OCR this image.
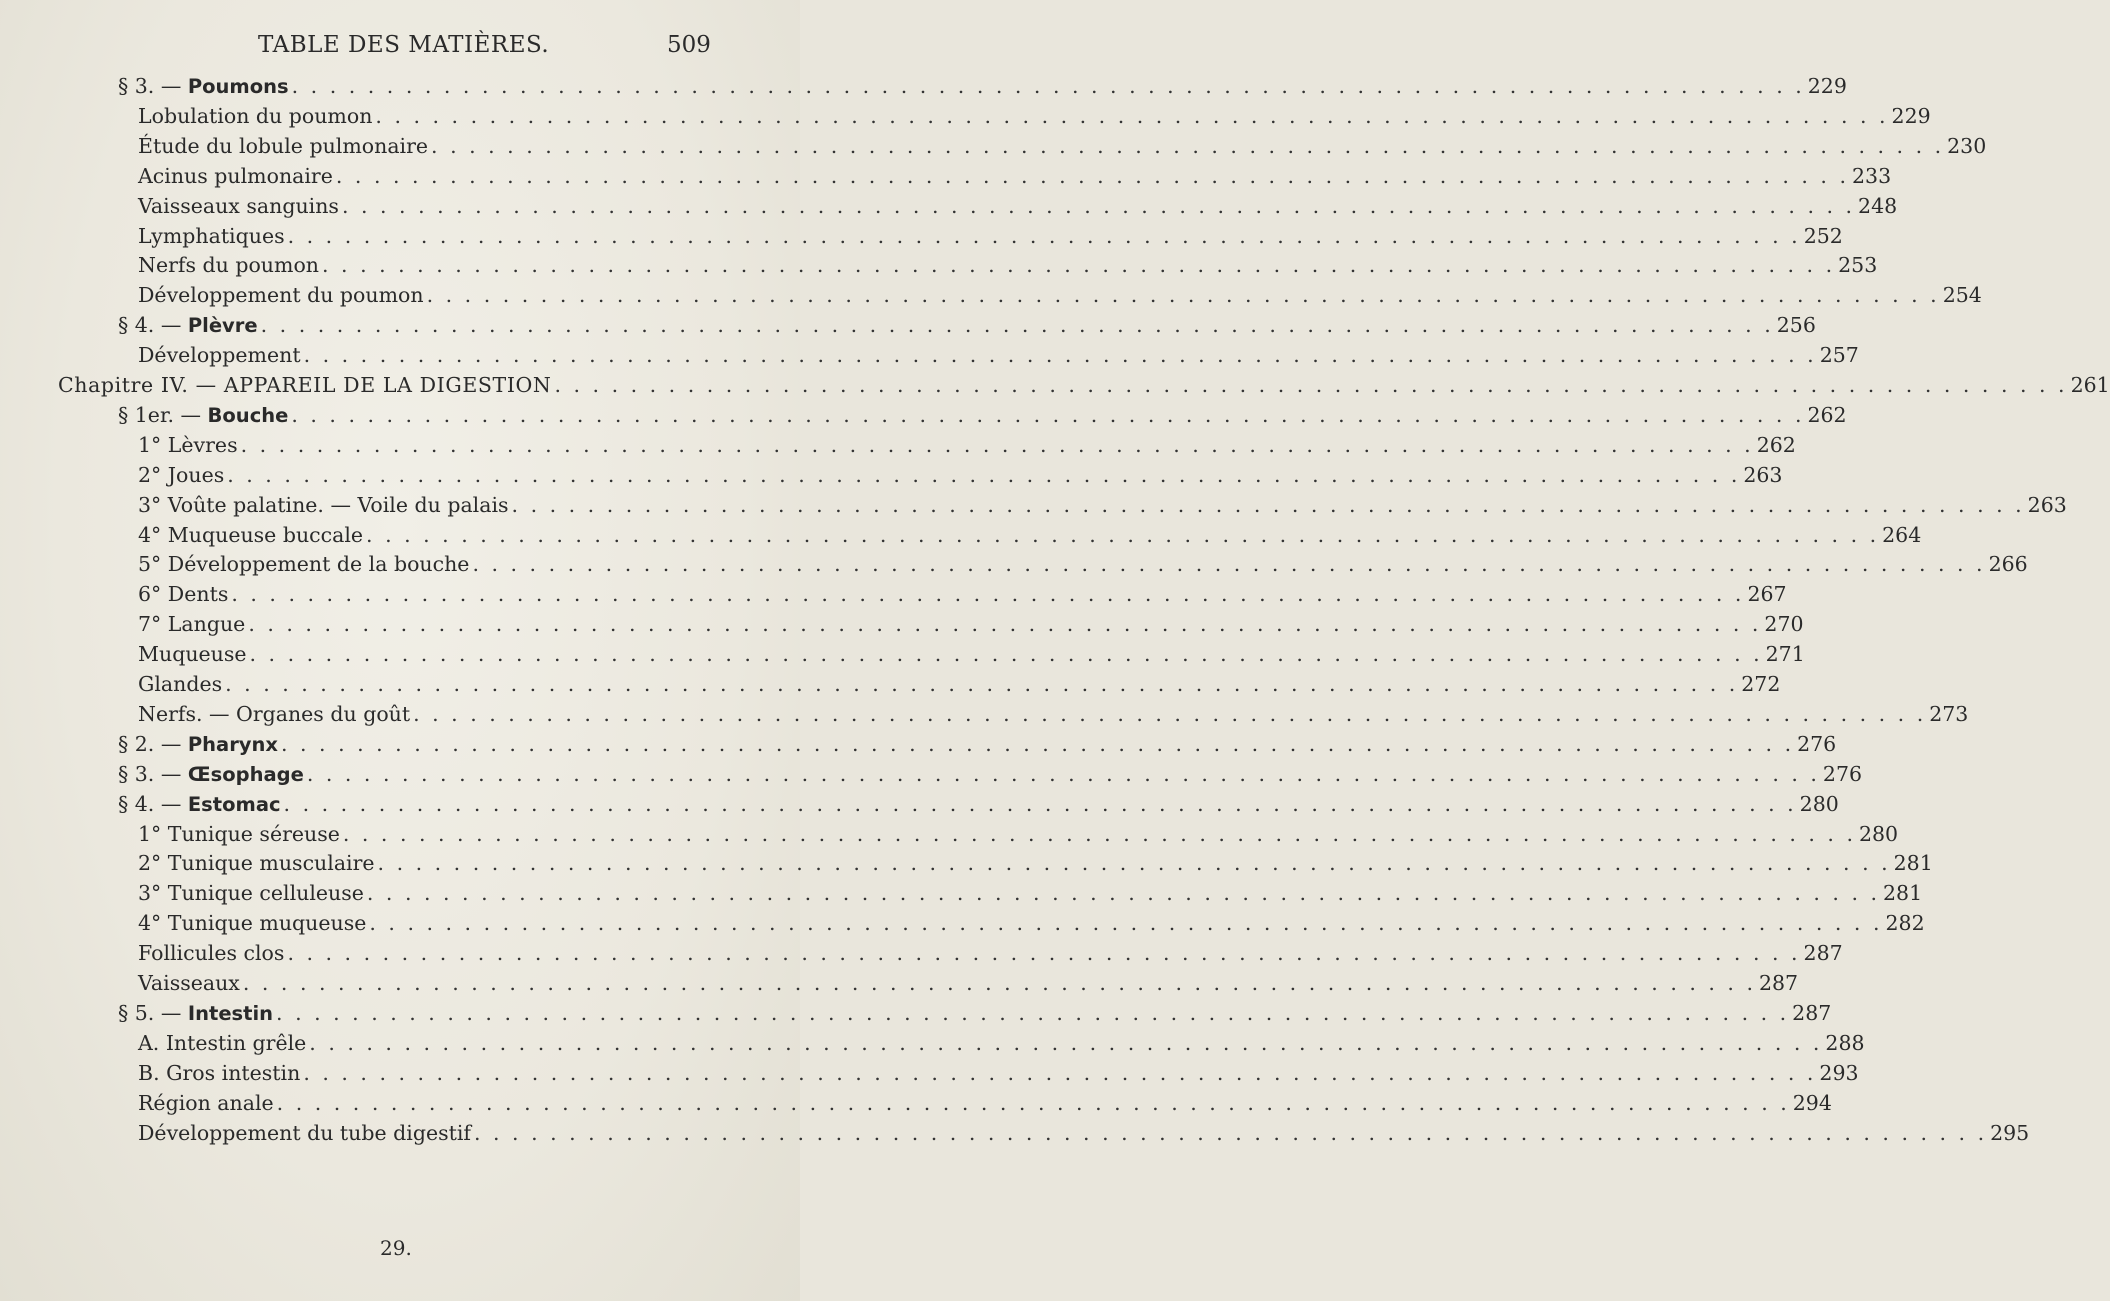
TABLE DES MATIÈRES.	509
§ 3. — Poumons . . . . . . . . . . . . . . . . . . . . . . . . . . . . . . . . . . . . . . . . . . . . . . . . . . . . . . . . . . . . . . . . . . . . . . . . . . . . . . . . 229
Lobulation du poumon . . . . . . . . . . . . . . . . . . . . . . . . . . . . . . . . . . . . . . . . . . . . . . . . . . . . . . . . . . . . . . . . . . . . . . . . . . . . . . . . 229
Étude du lobule pulmonaire . . . . . . . . . . . . . . . . . . . . . . . . . . . . . . . . . . . . . . . . . . . . . . . . . . . . . . . . . . . . . . . . . . . . . . . . . . . . . . . . 230
Acinus pulmonaire . . . . . . . . . . . . . . . . . . . . . . . . . . . . . . . . . . . . . . . . . . . . . . . . . . . . . . . . . . . . . . . . . . . . . . . . . . . . . . . . 233
Vaisseaux sanguins . . . . . . . . . . . . . . . . . . . . . . . . . . . . . . . . . . . . . . . . . . . . . . . . . . . . . . . . . . . . . . . . . . . . . . . . . . . . . . . . 248
Lymphatiques . . . . . . . . . . . . . . . . . . . . . . . . . . . . . . . . . . . . . . . . . . . . . . . . . . . . . . . . . . . . . . . . . . . . . . . . . . . . . . . . 252
Nerfs du poumon . . . . . . . . . . . . . . . . . . . . . . . . . . . . . . . . . . . . . . . . . . . . . . . . . . . . . . . . . . . . . . . . . . . . . . . . . . . . . . . . 253
Développement du poumon . . . . . . . . . . . . . . . . . . . . . . . . . . . . . . . . . . . . . . . . . . . . . . . . . . . . . . . . . . . . . . . . . . . . . . . . . . . . . . . . 254
§ 4. — Plèvre . . . . . . . . . . . . . . . . . . . . . . . . . . . . . . . . . . . . . . . . . . . . . . . . . . . . . . . . . . . . . . . . . . . . . . . . . . . . . . . . 256
Développement . . . . . . . . . . . . . . . . . . . . . . . . . . . . . . . . . . . . . . . . . . . . . . . . . . . . . . . . . . . . . . . . . . . . . . . . . . . . . . . . 257
Chapitre IV. — APPAREIL DE LA DIGESTION . . . . . . . . . . . . . . . . . . . . . . . . . . . . . . . . . . . . . . . . . . . . . . . . . . . . . . . . . . . . . . . . . . . . . . . . . . . . . . . . 261
§ 1er. — Bouche . . . . . . . . . . . . . . . . . . . . . . . . . . . . . . . . . . . . . . . . . . . . . . . . . . . . . . . . . . . . . . . . . . . . . . . . . . . . . . . . 262
1° Lèvres . . . . . . . . . . . . . . . . . . . . . . . . . . . . . . . . . . . . . . . . . . . . . . . . . . . . . . . . . . . . . . . . . . . . . . . . . . . . . . . . 262
2° Joues . . . . . . . . . . . . . . . . . . . . . . . . . . . . . . . . . . . . . . . . . . . . . . . . . . . . . . . . . . . . . . . . . . . . . . . . . . . . . . . . 263
3° Voûte palatine. — Voile du palais . . . . . . . . . . . . . . . . . . . . . . . . . . . . . . . . . . . . . . . . . . . . . . . . . . . . . . . . . . . . . . . . . . . . . . . . . . . . . . . . 263
4° Muqueuse buccale . . . . . . . . . . . . . . . . . . . . . . . . . . . . . . . . . . . . . . . . . . . . . . . . . . . . . . . . . . . . . . . . . . . . . . . . . . . . . . . . 264
5° Développement de la bouche . . . . . . . . . . . . . . . . . . . . . . . . . . . . . . . . . . . . . . . . . . . . . . . . . . . . . . . . . . . . . . . . . . . . . . . . . . . . . . . . 266
6° Dents . . . . . . . . . . . . . . . . . . . . . . . . . . . . . . . . . . . . . . . . . . . . . . . . . . . . . . . . . . . . . . . . . . . . . . . . . . . . . . . . 267
7° Langue . . . . . . . . . . . . . . . . . . . . . . . . . . . . . . . . . . . . . . . . . . . . . . . . . . . . . . . . . . . . . . . . . . . . . . . . . . . . . . . . 270
Muqueuse . . . . . . . . . . . . . . . . . . . . . . . . . . . . . . . . . . . . . . . . . . . . . . . . . . . . . . . . . . . . . . . . . . . . . . . . . . . . . . . . 271
Glandes . . . . . . . . . . . . . . . . . . . . . . . . . . . . . . . . . . . . . . . . . . . . . . . . . . . . . . . . . . . . . . . . . . . . . . . . . . . . . . . . 272
Nerfs. — Organes du goût . . . . . . . . . . . . . . . . . . . . . . . . . . . . . . . . . . . . . . . . . . . . . . . . . . . . . . . . . . . . . . . . . . . . . . . . . . . . . . . . 273
§ 2. — Pharynx . . . . . . . . . . . . . . . . . . . . . . . . . . . . . . . . . . . . . . . . . . . . . . . . . . . . . . . . . . . . . . . . . . . . . . . . . . . . . . . . 276
§ 3. — Œsophage . . . . . . . . . . . . . . . . . . . . . . . . . . . . . . . . . . . . . . . . . . . . . . . . . . . . . . . . . . . . . . . . . . . . . . . . . . . . . . . . 276
§ 4. — Estomac . . . . . . . . . . . . . . . . . . . . . . . . . . . . . . . . . . . . . . . . . . . . . . . . . . . . . . . . . . . . . . . . . . . . . . . . . . . . . . . . 280
1° Tunique séreuse . . . . . . . . . . . . . . . . . . . . . . . . . . . . . . . . . . . . . . . . . . . . . . . . . . . . . . . . . . . . . . . . . . . . . . . . . . . . . . . . 280
2° Tunique musculaire . . . . . . . . . . . . . . . . . . . . . . . . . . . . . . . . . . . . . . . . . . . . . . . . . . . . . . . . . . . . . . . . . . . . . . . . . . . . . . . . 281
3° Tunique celluleuse . . . . . . . . . . . . . . . . . . . . . . . . . . . . . . . . . . . . . . . . . . . . . . . . . . . . . . . . . . . . . . . . . . . . . . . . . . . . . . . . 281
4° Tunique muqueuse . . . . . . . . . . . . . . . . . . . . . . . . . . . . . . . . . . . . . . . . . . . . . . . . . . . . . . . . . . . . . . . . . . . . . . . . . . . . . . . . 282
Follicules clos . . . . . . . . . . . . . . . . . . . . . . . . . . . . . . . . . . . . . . . . . . . . . . . . . . . . . . . . . . . . . . . . . . . . . . . . . . . . . . . . 287
Vaisseaux . . . . . . . . . . . . . . . . . . . . . . . . . . . . . . . . . . . . . . . . . . . . . . . . . . . . . . . . . . . . . . . . . . . . . . . . . . . . . . . . 287
§ 5. — Intestin . . . . . . . . . . . . . . . . . . . . . . . . . . . . . . . . . . . . . . . . . . . . . . . . . . . . . . . . . . . . . . . . . . . . . . . . . . . . . . . . 287
A. Intestin grêle . . . . . . . . . . . . . . . . . . . . . . . . . . . . . . . . . . . . . . . . . . . . . . . . . . . . . . . . . . . . . . . . . . . . . . . . . . . . . . . . 288
B. Gros intestin . . . . . . . . . . . . . . . . . . . . . . . . . . . . . . . . . . . . . . . . . . . . . . . . . . . . . . . . . . . . . . . . . . . . . . . . . . . . . . . . 293
Région anale . . . . . . . . . . . . . . . . . . . . . . . . . . . . . . . . . . . . . . . . . . . . . . . . . . . . . . . . . . . . . . . . . . . . . . . . . . . . . . . . 294
Développement du tube digestif . . . . . . . . . . . . . . . . . . . . . . . . . . . . . . . . . . . . . . . . . . . . . . . . . . . . . . . . . . . . . . . . . . . . . . . . . . . . . . . . 295
29.
